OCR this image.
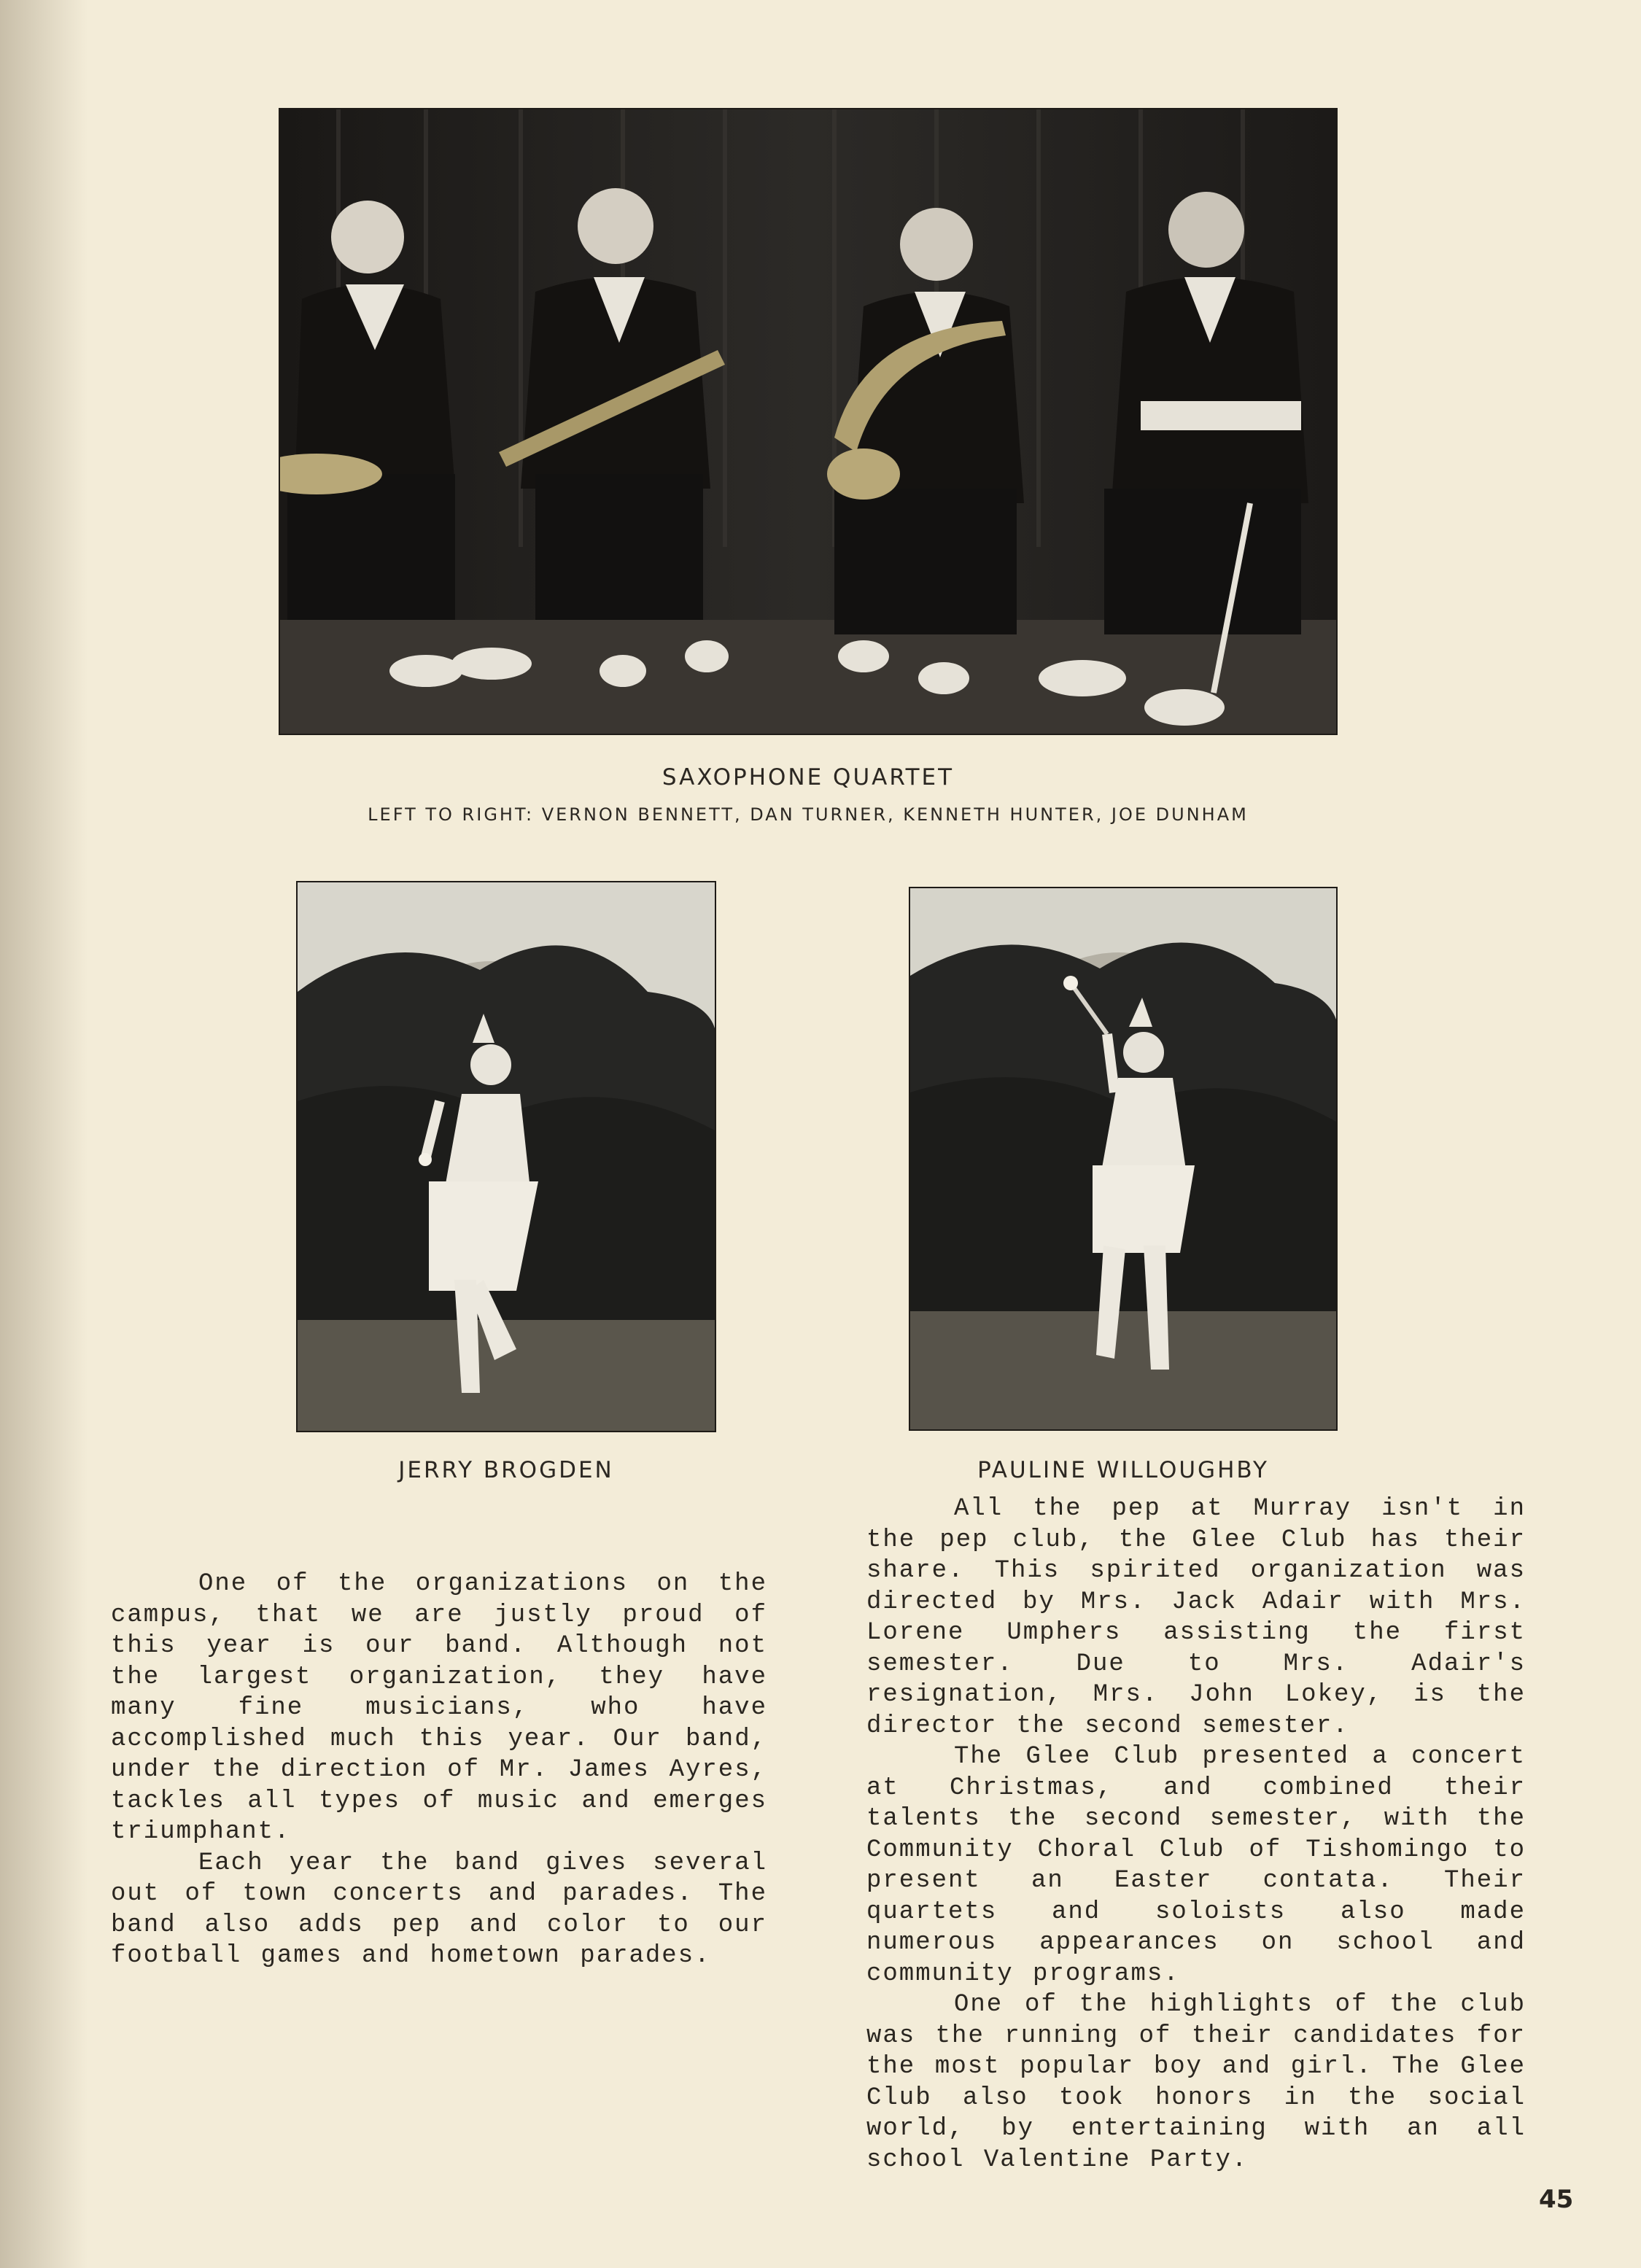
SAXOPHONE QUARTET
LEFT TO RIGHT: VERNON BENNETT, DAN TURNER, KENNETH HUNTER, JOE DUNHAM
JERRY BROGDEN	PAULINE WILLOUGHBY

One of the organizations on the campus, that we are justly proud of this year is our band. Although not the largest organization, they have many fine musicians, who have accomplished much this year. Our band, under the direction of Mr. James Ayres, tackles all types of music and emerges triumphant.

Each year the band gives several out of town concerts and parades. The band also adds pep and color to our football games and hometown parades.

All the pep at Murray isn't in the pep club, the Glee Club has their share. This spirited organization was directed by Mrs. Jack Adair with Mrs. Lorene Umphers assisting the first semester. Due to Mrs. Adair's resignation, Mrs. John Lokey, is the director the second semester.

The Glee Club presented a concert at Christmas, and combined their talents the second semester, with the Community Choral Club of Tishomingo to present an Easter contata. Their quartets and soloists also made numerous appearances on school and community programs.

One of the highlights of the club was the running of their candidates for the most popular boy and girl. The Glee Club also took honors in the social world, by entertaining with an all school Valentine Party.

45
